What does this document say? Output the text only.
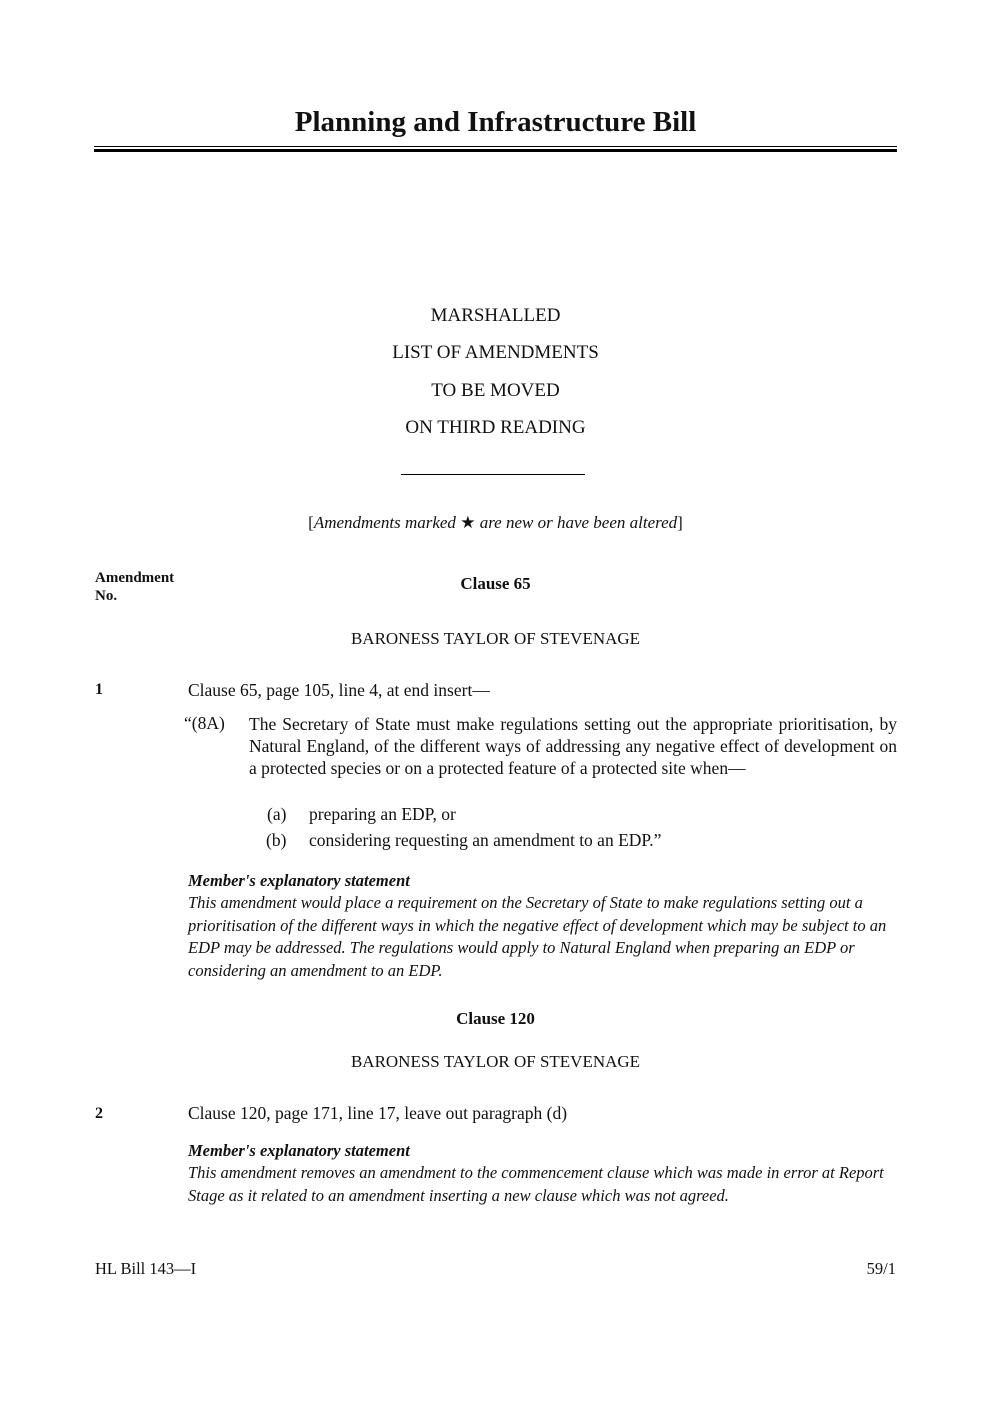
Planning and Infrastructure Bill
MARSHALLED
LIST OF AMENDMENTS
TO BE MOVED
ON THIRD READING
[Amendments marked ★ are new or have been altered]
Amendment
No.
Clause 65
BARONESS TAYLOR OF STEVENAGE
1	Clause 65, page 105, line 4, at end insert—
“(8A) The Secretary of State must make regulations setting out the appropriate prioritisation, by Natural England, of the different ways of addressing any negative effect of development on a protected species or on a protected feature of a protected site when—
(a) preparing an EDP, or
(b) considering requesting an amendment to an EDP.”
Member's explanatory statement
This amendment would place a requirement on the Secretary of State to make regulations setting out a prioritisation of the different ways in which the negative effect of development which may be subject to an EDP may be addressed. The regulations would apply to Natural England when preparing an EDP or considering an amendment to an EDP.
Clause 120
BARONESS TAYLOR OF STEVENAGE
2	Clause 120, page 171, line 17, leave out paragraph (d)
Member's explanatory statement
This amendment removes an amendment to the commencement clause which was made in error at Report Stage as it related to an amendment inserting a new clause which was not agreed.
HL Bill 143—I	59/1
